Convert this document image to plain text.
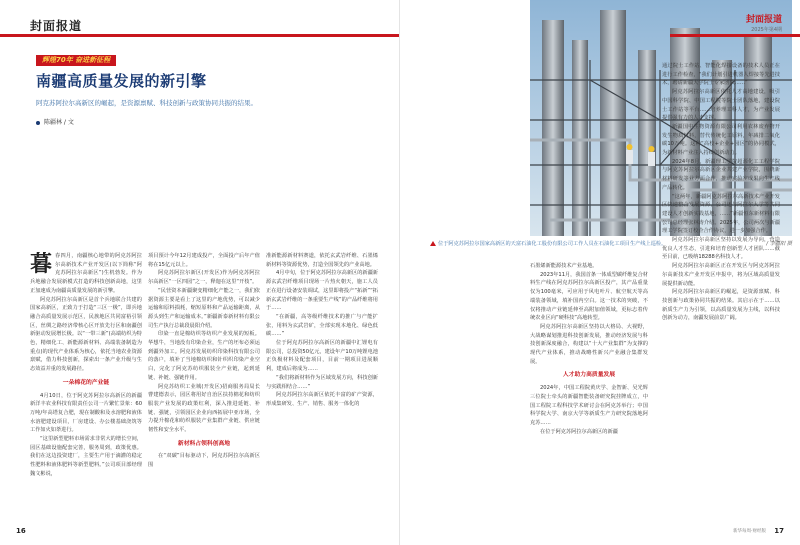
封面报道
辉煌70年 奋进新征程
南疆高质量发展的新引擎
阿克苏阿拉尔高新区的崛起，是资源禀赋、科技创新与政策协同共振的结果。
陈疆林 / 文

暮春四月，南疆核心地带的阿克苏阿拉尔高新技术产业开发区(以下简称“阿克苏阿拉尔高新区”)生机勃发。作为兵地融合发展新模式打造的科技创新高地，这里正加速成为南疆高质量发展的新引擎。

阿克苏阿拉尔高新区是首个兵地联合共建的国家高新区，正致力于打造“三区一极”，即兵地融合高质量发展示范区，民族地区共同富裕引领区，丝绸之路经济带核心区开放先行区和南疆创新驱动发展增长极。以“一带三新”(高端纺织为特色，精细化工、新能源新材料、高端装备制造为重点)的现代产业体系为核心，依托当地农业资源禀赋，借力科技创新，探索出一条产业升级与生态效益并重的发展路径。

一朵棉花的产业链

4月10日，位于阿克苏阿拉尔高新区的新疆新洋丰农业科技有限责任公司一片繁忙景象：60万吨/年高塔复合肥，現在制酸和及水溶肥和液体水溶肥建设项目，厂房建设、办公楼基础浇筑等工作如火如荼进行。

“这里新型肥料市场需求非常大的增长空间，园区基础设施配套完善，服务周到，政策优惠。我们在这边投资建厂，主要生产用于滴灌的稳定性肥料和液体肥料等新型肥料。”公司项目部经理魏文彬说，

项目预计今年12月建成投产，全面投产后年产值将在15亿元以上。

阿克苏阿拉尔新区(开发区)作为阿克苏阿拉尔高新区“一区四园”之一，释迦在这里“开枝”。

“民营资本新疆聚变精细化产能之一，我们依据资源主要是看上了这里的产地优势，可以减少运输和原料损耗，缩短原料和产品运输距离，从源头到生产和运输成本。”新疆新泰新材料有限公司生产执行总裁段晨阳介绍。

印染一直是棉纺织等纺织产业发展的短板。华想牛，当地没有印染企业，生产的坯布必须运到疆外加工。阿克苏发展纺织印染科技有限公司的落户，填补了当地棉纺织和针织织印染产业空白，完化了阿克苏纺织服装全产业链，起到延链、补链、强链作用。

阿克苏纺织工业城(开发区)招商服务局局长曹建德表示，园区将用好自治区扶持棉花和纺织服装产业发展的政策红利，深入推进延链、补链、强链，引领园区企业向西拓展中亚市场，全力提升棉花和纺织服装产业集群产业链、供应链韧性和安全水平。

新材料占领科创高地

在“双碳”目标驱动下，阿克苏阿拉尔高新区围

准新能源新材料赛道，依托玄武岩纤维、石墨烯新材料等资源优势，打造全国领先的产业高地。

4月中旬，位于阿克苏阿拉尔高新区的新疆新源玄武岩纤维项目现场一片热火朝天，施工人员正在进行设备安装调试，这里即将投产“拓新”“拓新玄武岩纤维的一条重要生产线”的产品纤维将用于……

“在新疆，高等级纤维技术的推广与产能扩张，用料为玄武岩矿，全部实现本地化、绿色低碳……”

位于阿克苏阿拉尔高新区的新疆中汇锂电有限公司，总投资50亿元，建设年产10万吨锂电池正负极材料及配套项目，目前一期项目进展顺利，建成后将成为……

“我们将新材料作为区域发展方向，科技创新与实践相结合……”

阿克苏阿拉尔高新区依托丰富的矿产资源，形成集研发、生产、销售、服务一体化的

16
封面报道
2025年第4期
位于阿克苏阿拉尔国家高新区的天富石油化工股份有限公司工作人员在石油化工项目生产线上巡检。	/ 李疆阳 摄

石墨烯新能源技术产业基地。

2023年11月，我国首条一体成型碳纤维复合材料生产线在阿克苏阿拉尔高新区投产，其产品重量仅为100毫米，可应用于风电叶片、航空航天等高端装备领域，填补国内空白。这一技术的突破，不仅将推动产业链延伸至高附加值领域，更标志着传统农业区向“硬科技”高地转型。

阿克苏阿拉尔高新区坚持以大格局、大视野，大战略谋划推进科技创新发展，推动经济发展与科技创新深度融合，构建以“十大产业集群”为支撑的现代产业体系，推动战略性新兴产业融合集群发展。

人才助力高质量发展

2024年，中国工程院黄庆学、金智新、吴光辉三位院士牵头的新疆智能装备研究院挂牌成立，中国工程院工程科技学术研讨会在阿克苏举行；中国科学院大学、南京大学等新质生产力研究院落地阿克苏……

在位于阿克苏阿拉尔高新区的新疆

通过院士工作站、智能化焊接设备的技术人员正在进行工作检查，“我们计划引进机器人焊接等先进技术，聘请新疆大学院士专家团队……”

阿克苏阿拉尔高新区依托人才高地建设，吸引中国科学院、中国工程院等院士团队落地，建设院士工作站等平台……培养理工科人才，为产业发展提供强有力的人才支撑。

新疆国中生物资源有限公司利用农林废弃物开发生物质材料，替代传统化工原料，年减排二氧化碳10万吨。这种“高校+企业+园区”的协同模式，为新材料产业注入持续创新动力。

2024年8月，新疆理工学院超源化工工程学院与阿克苏阿拉尔高新区企业共建产业学院，围绕新材料研发等业方面合作，推动实验室成果向生产线产品转化。

“这两年，新疆阿克苏阿拉尔高新技术产业开发区快速整合发展资源，公司还与阿拉尔大学等共同建设人才创新实践基地，……”新疆恒东新材料有限公司总经理张林涛介绍。2025年，公司两次与新疆理工学院签订校企合作协议，进一步加强合作。

阿克苏阿拉尔高新区坚持以发展为导向，营造优良人才生态，引进和培育创新型人才团队……截至目前，已吸纳18288名科技人才。

阿克苏阿拉尔高新区正在开发区与阿克苏阿拉尔高新技术产业开发区申报中，将为区域高质量发展提供新动能。

阿克苏阿拉尔高新区的崛起，是资源禀赋、科技创新与政策协同共振的结果。其启示在于……以新质生产力为引领，以高质量发展为主线，以科技创新为动力，南疆发展前景广阔。

新华每周·财经版 17
